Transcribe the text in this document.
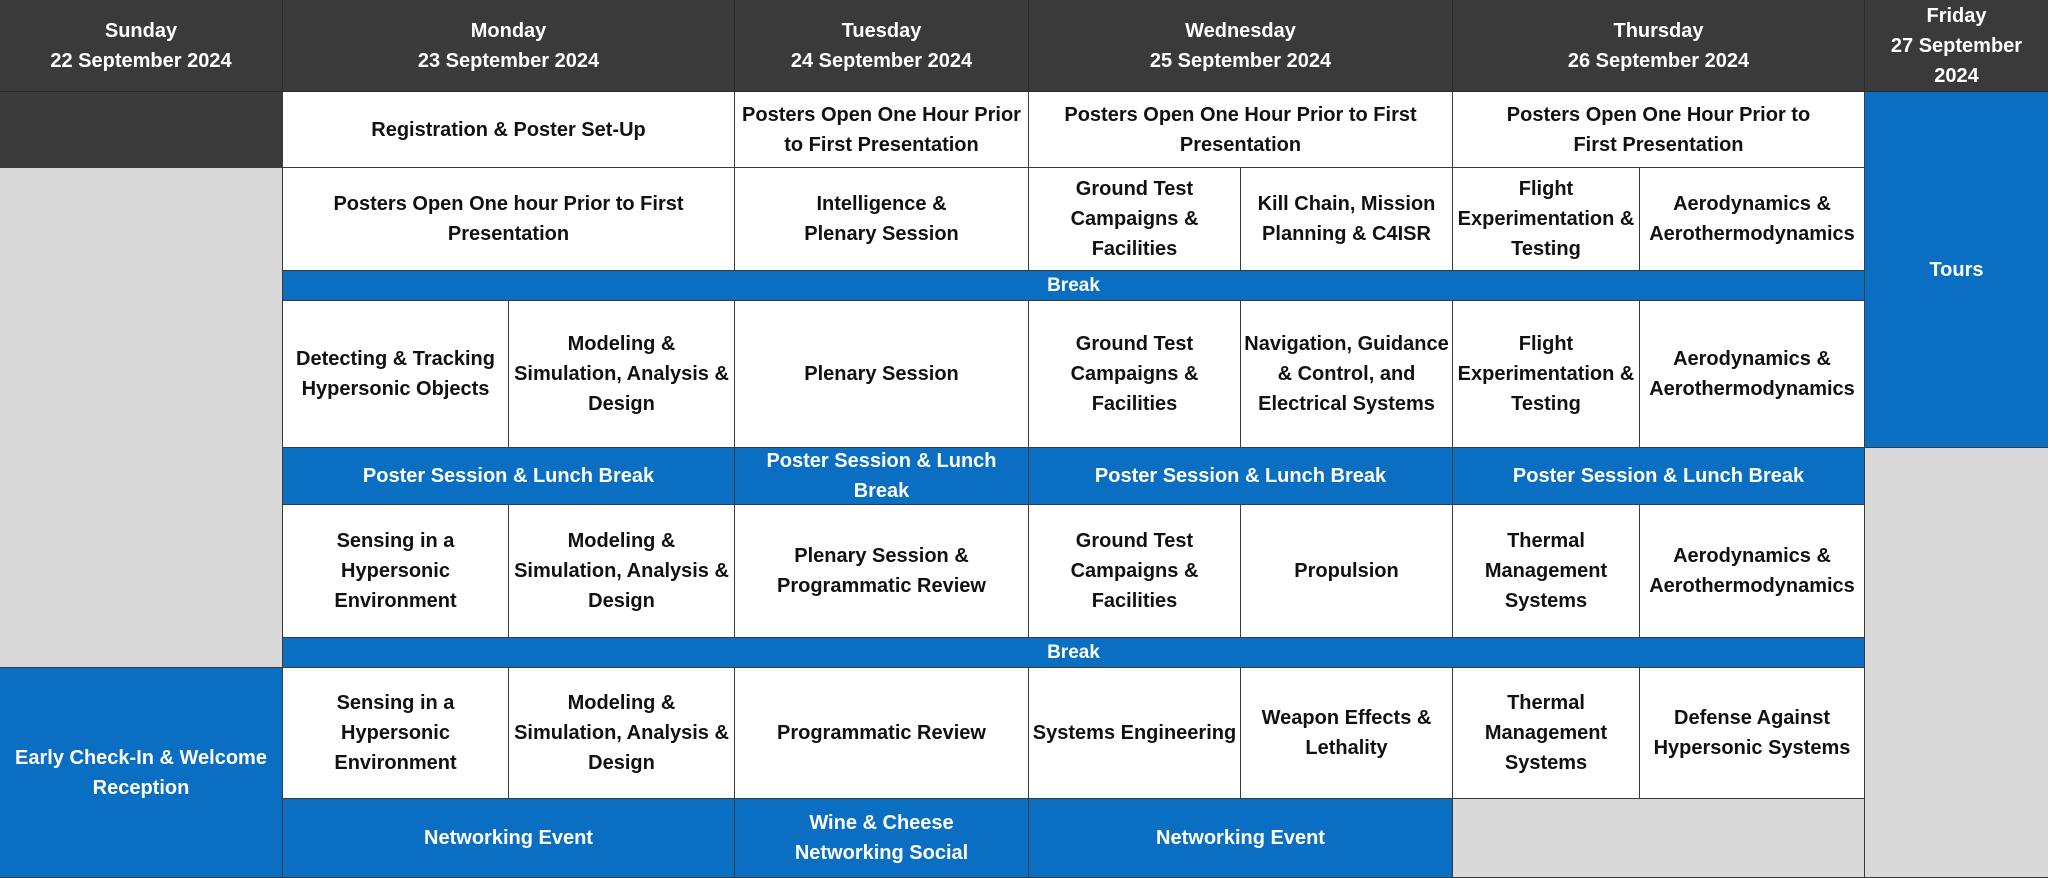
Sunday
22 September 2024
Monday
23 September 2024
Tuesday
24 September 2024
Wednesday
25 September 2024
Thursday
26 September 2024
Friday
27 September 2024
Registration & Poster Set-Up
Posters Open One Hour Prior to First Presentation
Posters Open One Hour Prior to First Presentation
Posters Open One Hour Prior to First Presentation
Tours
Posters Open One hour Prior to First Presentation
Intelligence & Plenary Session
Ground Test Campaigns & Facilities
Kill Chain, Mission Planning & C4ISR
Flight Experimentation & Testing
Aerodynamics & Aerothermodynamics
Break
Detecting & Tracking Hypersonic Objects
Modeling & Simulation, Analysis & Design
Plenary Session
Ground Test Campaigns & Facilities
Navigation, Guidance & Control, and Electrical Systems
Flight Experimentation & Testing
Aerodynamics & Aerothermodynamics
Poster Session & Lunch Break
Poster Session & Lunch Break
Poster Session & Lunch Break	Poster Session & Lunch Break
Sensing in a Hypersonic Environment
Modeling & Simulation, Analysis & Design
Plenary Session & Programmatic Review
Ground Test Campaigns & Facilities
Propulsion
Thermal Management Systems
Aerodynamics & Aerothermodynamics
Break
Early Check-In & Welcome Reception
Sensing in a Hypersonic Environment
Modeling & Simulation, Analysis & Design
Programmatic Review	Systems Engineering
Weapon Effects & Lethality
Thermal Management Systems
Defense Against Hypersonic Systems
Networking Event
Wine & Cheese Networking Social
Networking Event
